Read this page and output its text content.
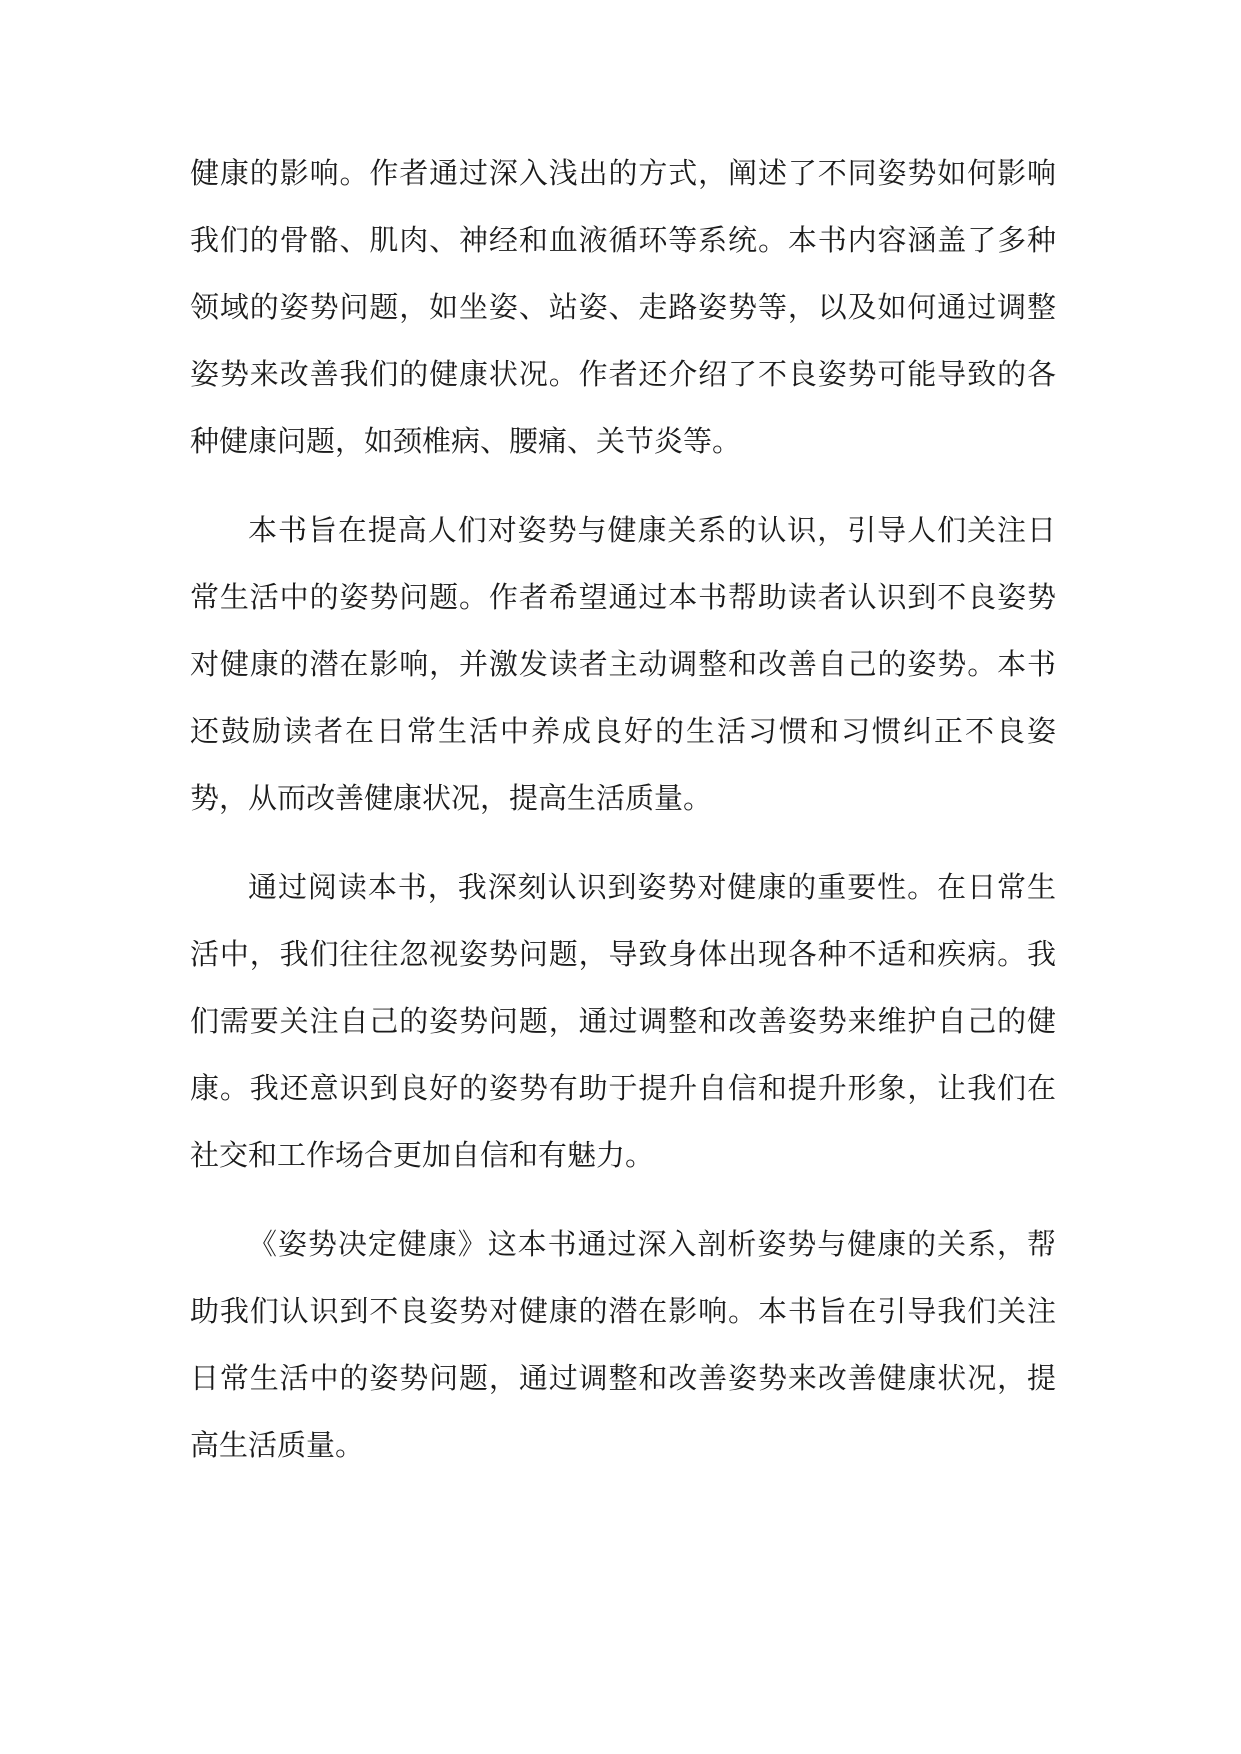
健康的影响。作者通过深入浅出的方式，阐述了不同姿势如何影响我们的骨骼、肌肉、神经和血液循环等系统。本书内容涵盖了多种领域的姿势问题，如坐姿、站姿、走路姿势等，以及如何通过调整姿势来改善我们的健康状况。作者还介绍了不良姿势可能导致的各种健康问题，如颈椎病、腰痛、关节炎等。

本书旨在提高人们对姿势与健康关系的认识，引导人们关注日常生活中的姿势问题。作者希望通过本书帮助读者认识到不良姿势对健康的潜在影响，并激发读者主动调整和改善自己的姿势。本书还鼓励读者在日常生活中养成良好的生活习惯和习惯纠正不良姿势，从而改善健康状况，提高生活质量。

通过阅读本书，我深刻认识到姿势对健康的重要性。在日常生活中，我们往往忽视姿势问题，导致身体出现各种不适和疾病。我们需要关注自己的姿势问题，通过调整和改善姿势来维护自己的健康。我还意识到良好的姿势有助于提升自信和提升形象，让我们在社交和工作场合更加自信和有魅力。

《姿势决定健康》这本书通过深入剖析姿势与健康的关系，帮助我们认识到不良姿势对健康的潜在影响。本书旨在引导我们关注日常生活中的姿势问题，通过调整和改善姿势来改善健康状况，提高生活质量。
